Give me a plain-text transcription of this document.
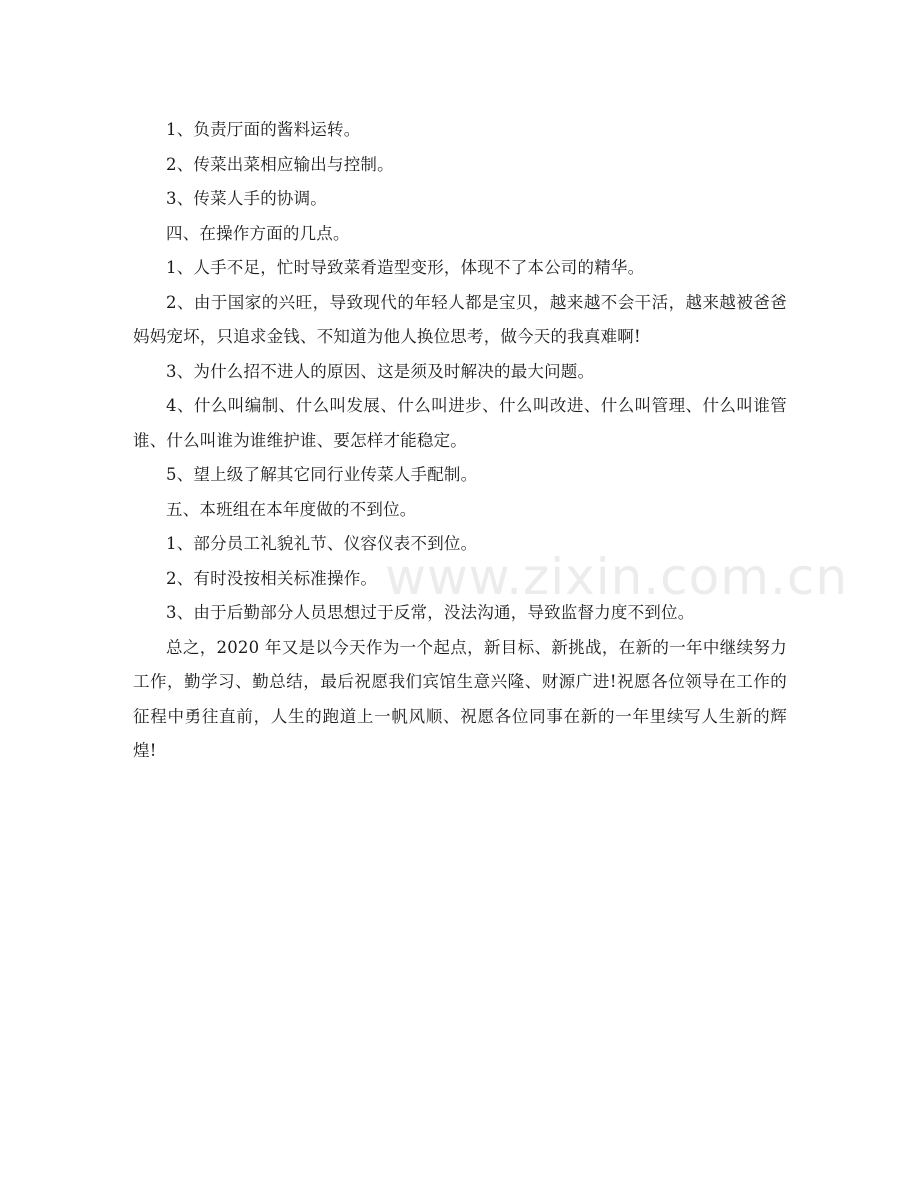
1、负责厅面的酱料运转。

2、传菜出菜相应输出与控制。

3、传菜人手的协调。

四、在操作方面的几点。

1、人手不足，忙时导致菜肴造型变形，体现不了本公司的精华。

2、由于国家的兴旺，导致现代的年轻人都是宝贝，越来越不会干活，越来越被爸爸妈妈宠坏，只追求金钱、不知道为他人换位思考，做今天的我真难啊!

3、为什么招不进人的原因、这是须及时解决的最大问题。

4、什么叫编制、什么叫发展、什么叫进步、什么叫改进、什么叫管理、什么叫谁管谁、什么叫谁为谁维护谁、要怎样才能稳定。

5、望上级了解其它同行业传菜人手配制。

五、本班组在本年度做的不到位。

1、部分员工礼貌礼节、仪容仪表不到位。

2、有时没按相关标准操作。

3、由于后勤部分人员思想过于反常，没法沟通，导致监督力度不到位。

总之，2020 年又是以今天作为一个起点，新目标、新挑战，在新的一年中继续努力工作，勤学习、勤总结，最后祝愿我们宾馆生意兴隆、财源广进!祝愿各位领导在工作的征程中勇往直前，人生的跑道上一帆风顺、祝愿各位同事在新的一年里续写人生新的辉煌!

www.zixin.com.cn
